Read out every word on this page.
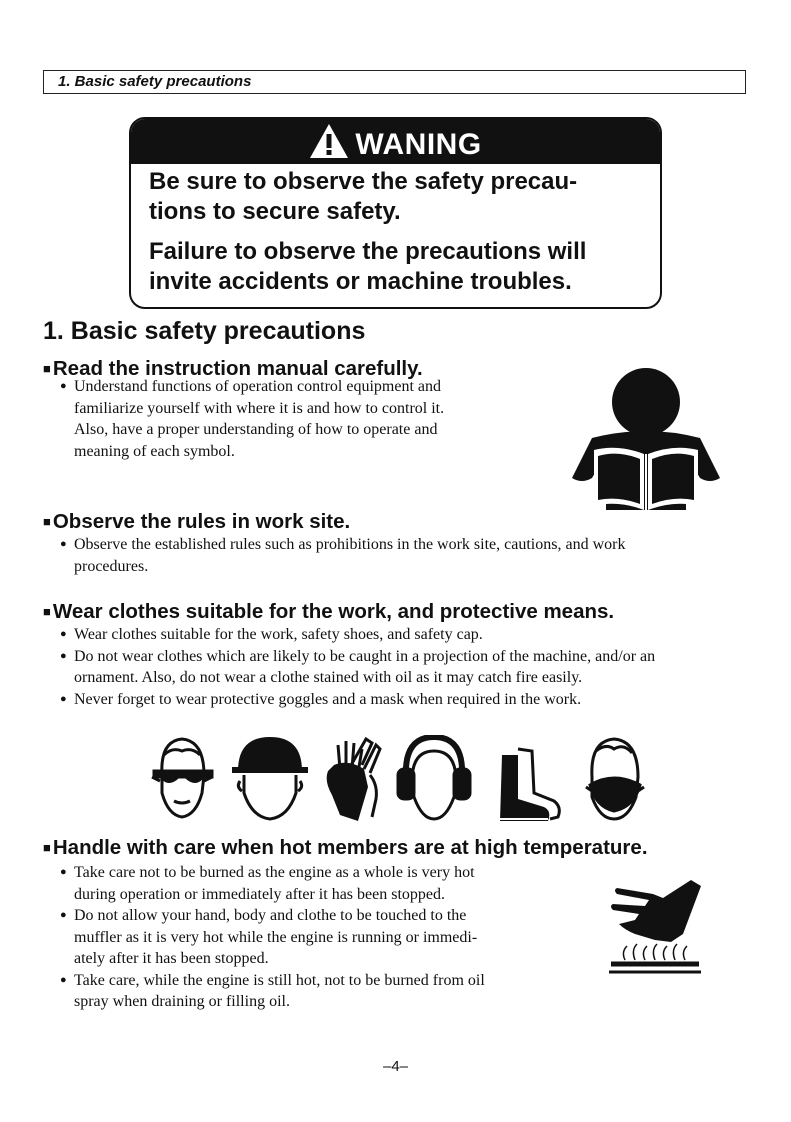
1. Basic safety precautions
WANING
Be sure to observe the safety precau-
tions to secure safety.
Failure to observe the precautions will
invite accidents or machine troubles.
1. Basic safety precautions
■Read the instruction manual carefully.
● Understand functions of operation control equipment and
familiarize yourself with where it is and how to control it.
Also, have a proper understanding of how to operate and
meaning of each symbol.
■Observe the rules in work site.
● Observe the established rules such as prohibitions in the work site, cautions, and work
procedures.
■Wear clothes suitable for the work, and protective means.
● Wear clothes suitable for the work, safety shoes, and safety cap.
● Do not wear clothes which are likely to be caught in a projection of the machine, and/or an
ornament. Also, do not wear a clothe stained with oil as it may catch fire easily.
● Never forget to wear protective goggles and a mask when required in the work.
■Handle with care when hot members are at high temperature.
● Take care not to be burned as the engine as a whole is very hot
during operation or immediately after it has been stopped.
● Do not allow your hand, body and clothe to be touched to the
muffler as it is very hot while the engine is running or immedi-
ately after it has been stopped.
● Take care, while the engine is still hot, not to be burned from oil
spray when draining or filling oil.
–4–
